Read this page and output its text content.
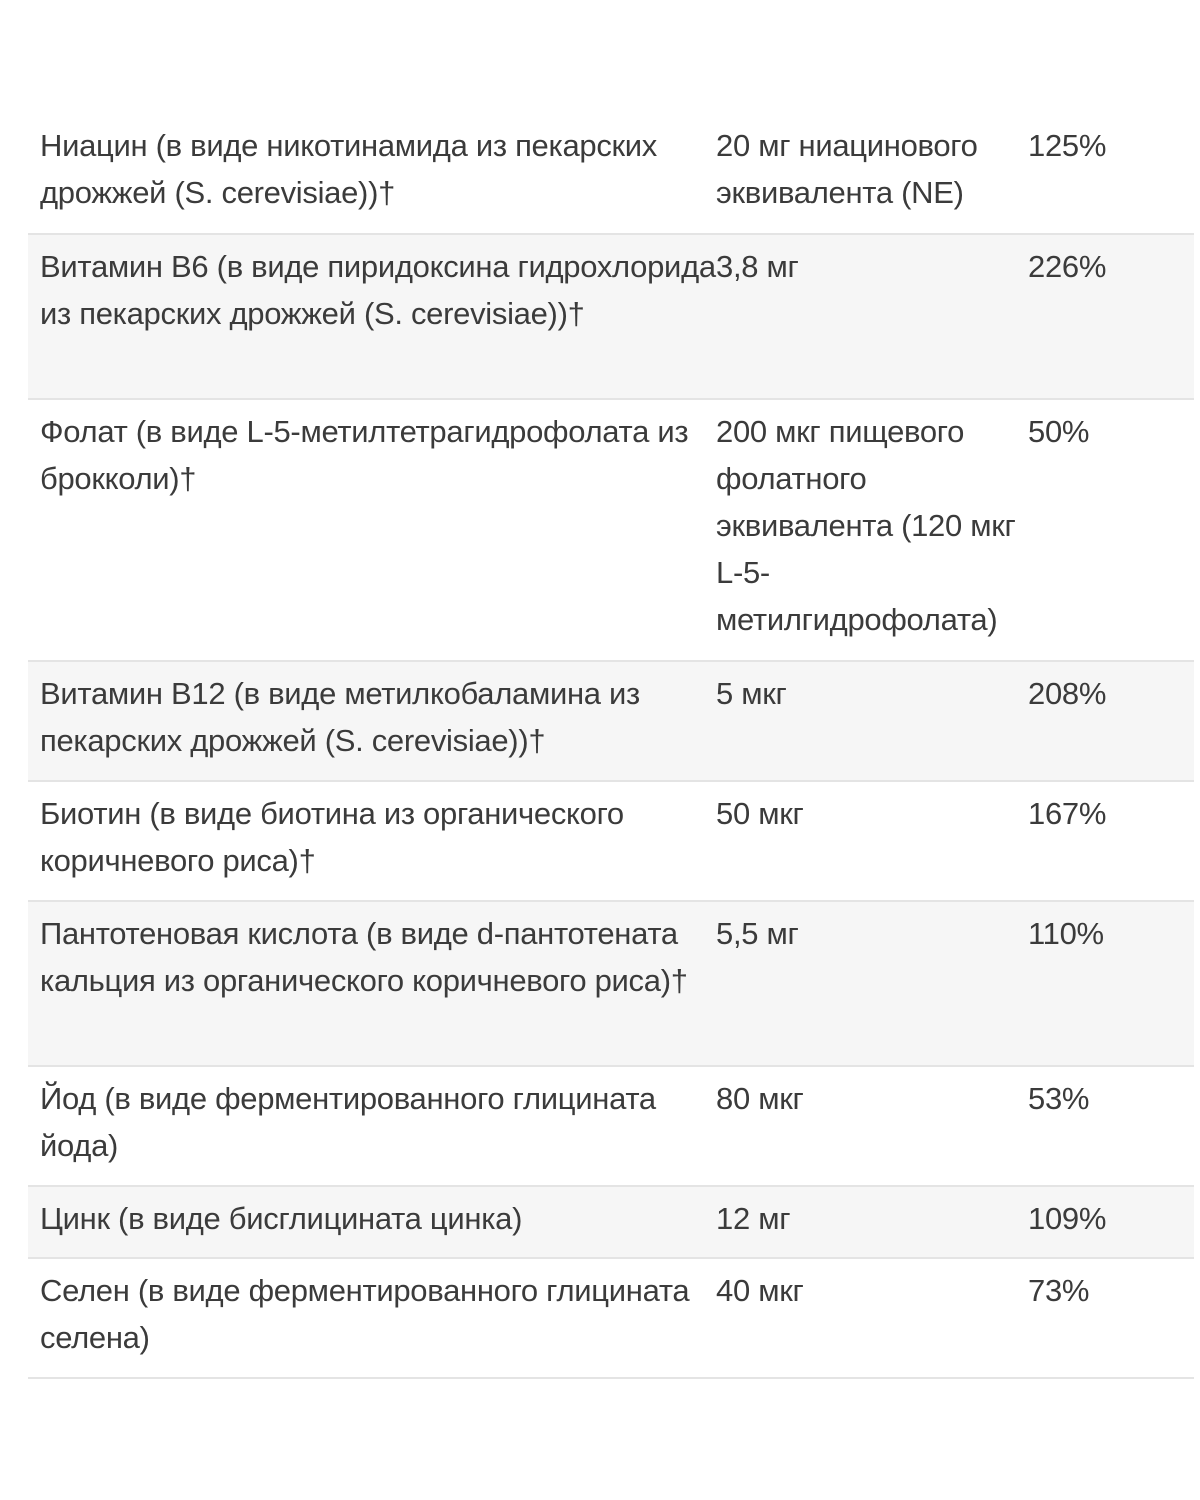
Ниацин (в виде никотинамида из пекарских дрожжей (S. cerevisiae))†	20 мг ниацинового эквивалента (NE)	125%
Витамин B6 (в виде пиридоксина гидрохлорида из пекарских дрожжей (S. cerevisiae))†	3,8 мг	226%
Фолат (в виде L-5-метилтетрагидрофолата из брокколи)†	200 мкг пищевого фолатного эквивалента (120 мкг L-5-метилгидрофолата)	50%
Витамин B12 (в виде метилкобаламина из пекарских дрожжей (S. cerevisiae))†	5 мкг	208%
Биотин (в виде биотина из органического коричневого риса)†	50 мкг	167%
Пантотеновая кислота (в виде d-пантотената кальция из органического коричневого риса)†	5,5 мг	110%
Йод (в виде ферментированного глицината йода)	80 мкг	53%
Цинк (в виде бисглицината цинка)	12 мг	109%
Селен (в виде ферментированного глицината селена)	40 мкг	73%
